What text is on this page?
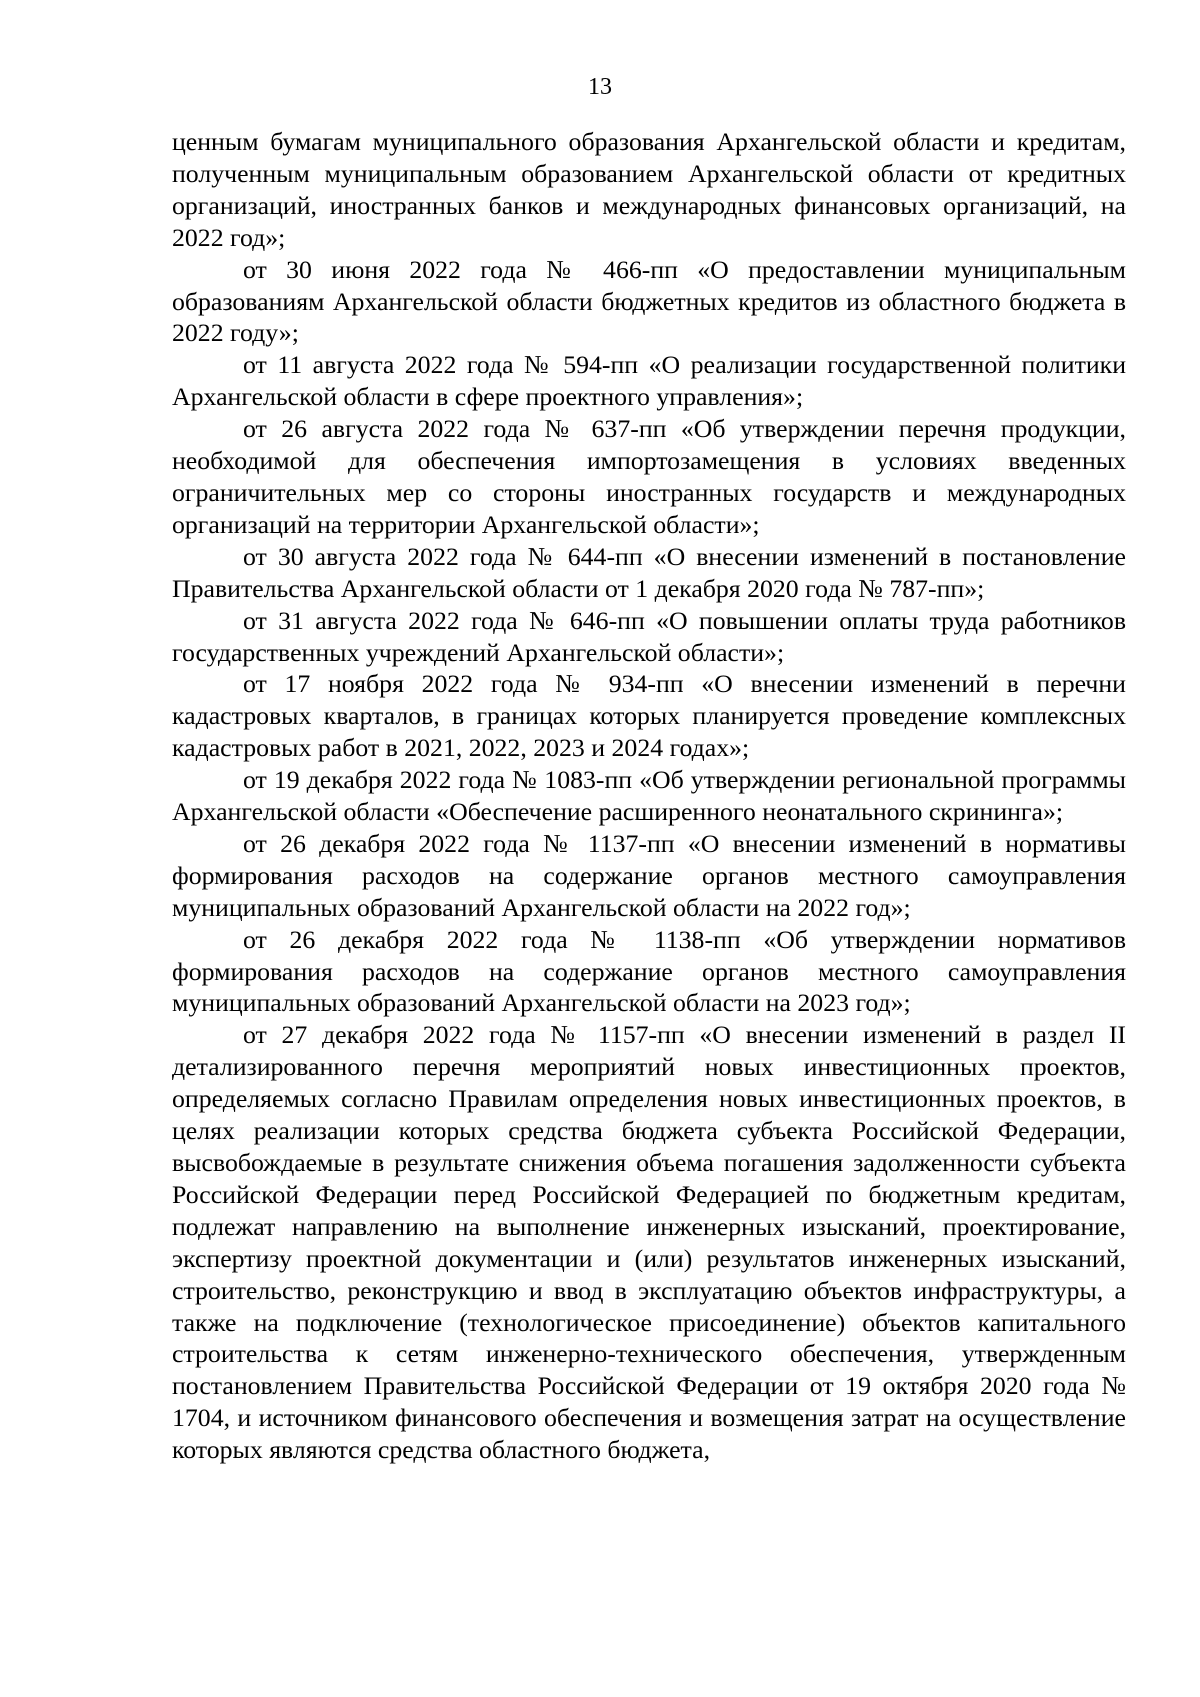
13

ценным бумагам муниципального образования Архангельской области и кредитам, полученным муниципальным образованием Архангельской области от кредитных организаций, иностранных банков и международных финансовых организаций, на 2022 год»;

от 30 июня 2022 года № 466-пп «О предоставлении муниципальным образованиям Архангельской области бюджетных кредитов из областного бюджета в 2022 году»;

от 11 августа 2022 года № 594-пп «О реализации государственной политики Архангельской области в сфере проектного управления»;

от 26 августа 2022 года № 637-пп «Об утверждении перечня продукции, необходимой для обеспечения импортозамещения в условиях введенных ограничительных мер со стороны иностранных государств и международных организаций на территории Архангельской области»;

от 30 августа 2022 года № 644-пп «О внесении изменений в постановление Правительства Архангельской области от 1 декабря 2020 года № 787-пп»;

от 31 августа 2022 года № 646-пп «О повышении оплаты труда работников государственных учреждений Архангельской области»;

от 17 ноября 2022 года № 934-пп «О внесении изменений в перечни кадастровых кварталов, в границах которых планируется проведение комплексных кадастровых работ в 2021, 2022, 2023 и 2024 годах»;

от 19 декабря 2022 года № 1083-пп «Об утверждении региональной программы Архангельской области «Обеспечение расширенного неонатального скрининга»;

от 26 декабря 2022 года № 1137-пп «О внесении изменений в нормативы формирования расходов на содержание органов местного самоуправления муниципальных образований Архангельской области на 2022 год»;

от 26 декабря 2022 года № 1138-пп «Об утверждении нормативов формирования расходов на содержание органов местного самоуправления муниципальных образований Архангельской области на 2023 год»;

от 27 декабря 2022 года № 1157-пп «О внесении изменений в раздел II детализированного перечня мероприятий новых инвестиционных проектов, определяемых согласно Правилам определения новых инвестиционных проектов, в целях реализации которых средства бюджета субъекта Российской Федерации, высвобождаемые в результате снижения объема погашения задолженности субъекта Российской Федерации перед Российской Федерацией по бюджетным кредитам, подлежат направлению на выполнение инженерных изысканий, проектирование, экспертизу проектной документации и (или) результатов инженерных изысканий, строительство, реконструкцию и ввод в эксплуатацию объектов инфраструктуры, а также на подключение (технологическое присоединение) объектов капитального строительства к сетям инженерно-технического обеспечения, утвержденным постановлением Правительства Российской Федерации от 19 октября 2020 года № 1704, и источником финансового обеспечения и возмещения затрат на осуществление которых являются средства областного бюджета,
